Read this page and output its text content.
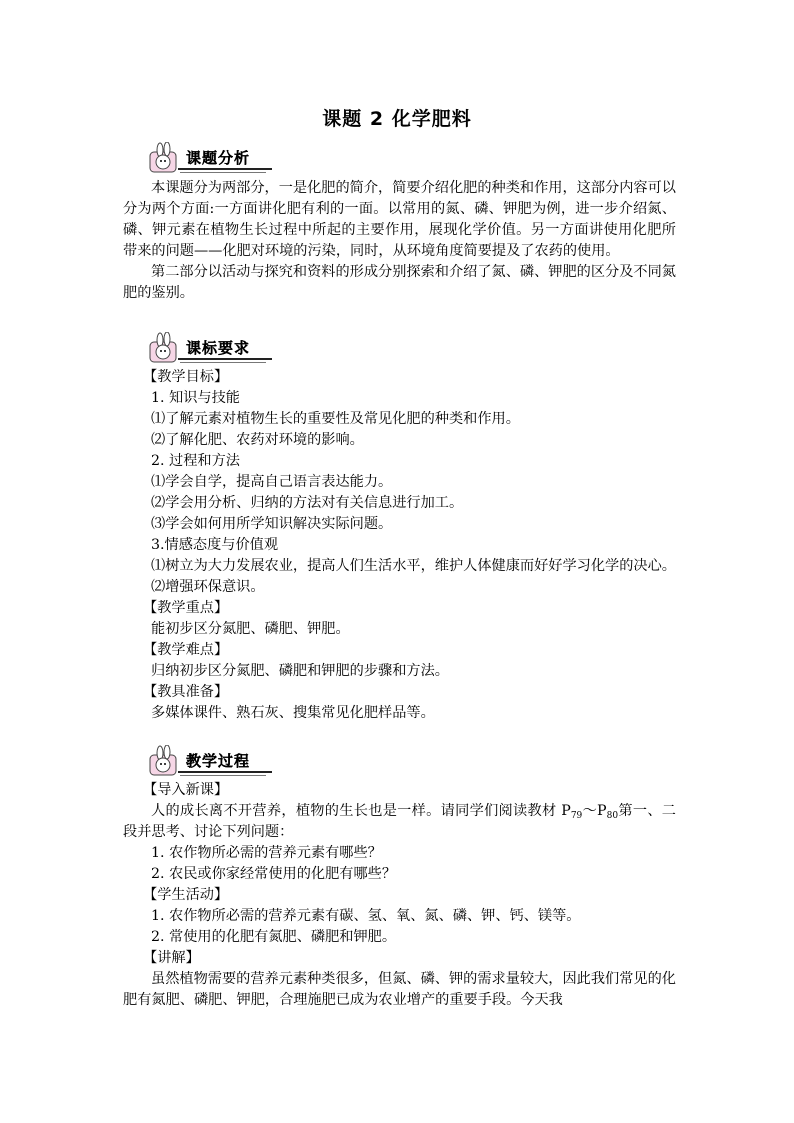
课题 2 化学肥料
课题分析

本课题分为两部分，一是化肥的简介，简要介绍化肥的种类和作用，这部分内容可以分为两个方面:一方面讲化肥有利的一面。以常用的氮、磷、钾肥为例，进一步介绍氮、磷、钾元素在植物生长过程中所起的主要作用，展现化学价值。另一方面讲使用化肥所带来的问题——化肥对环境的污染，同时，从环境角度简要提及了农药的使用。

第二部分以活动与探究和资料的形成分别探索和介绍了氮、磷、钾肥的区分及不同氮肥的鉴别。

课标要求

【教学目标】

1. 知识与技能

⑴了解元素对植物生长的重要性及常见化肥的种类和作用。

⑵了解化肥、农药对环境的影响。

2. 过程和方法

⑴学会自学，提高自己语言表达能力。

⑵学会用分析、归纳的方法对有关信息进行加工。

⑶学会如何用所学知识解决实际问题。

3.情感态度与价值观

⑴树立为大力发展农业，提高人们生活水平，维护人体健康而好好学习化学的决心。

⑵增强环保意识。

【教学重点】

能初步区分氮肥、磷肥、钾肥。

【教学难点】

归纳初步区分氮肥、磷肥和钾肥的步骤和方法。

【教具准备】

多媒体课件、熟石灰、搜集常见化肥样品等。

教学过程

【导入新课】

人的成长离不开营养，植物的生长也是一样。请同学们阅读教材 $P_{79}\sim P_{80}$第一、二段并思考、讨论下列问题：

1. 农作物所必需的营养元素有哪些？

2. 农民或你家经常使用的化肥有哪些？

【学生活动】

1. 农作物所必需的营养元素有碳、氢、氧、氮、磷、钾、钙、镁等。

2. 常使用的化肥有氮肥、磷肥和钾肥。

【讲解】

虽然植物需要的营养元素种类很多，但氮、磷、钾的需求量较大，因此我们常见的化肥有氮肥、磷肥、钾肥，合理施肥已成为农业增产的重要手段。今天我
